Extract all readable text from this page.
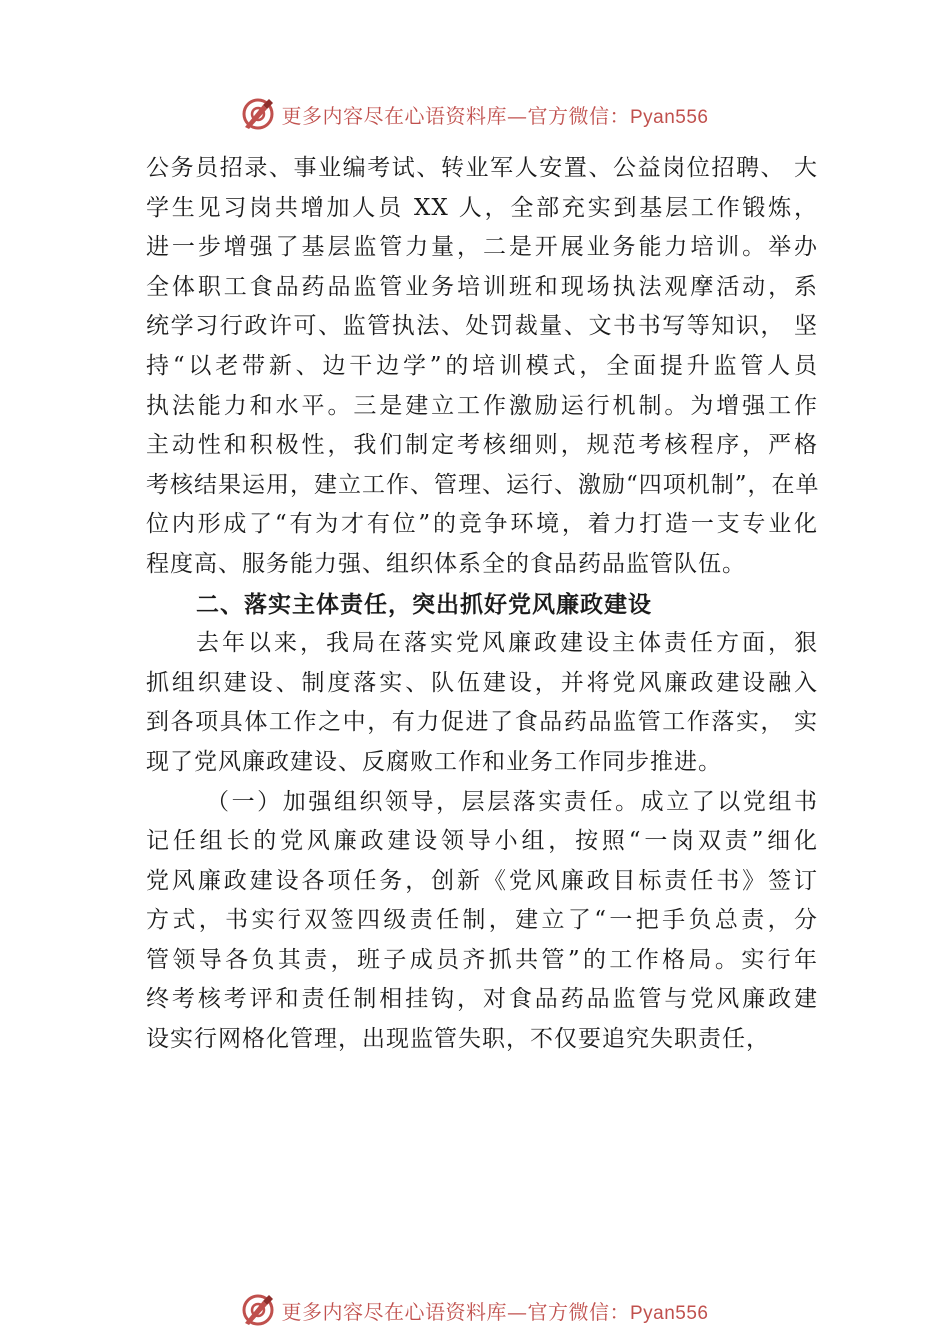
更多内容尽在心语资料库—官方微信：Pyan556
公务员招录、事业编考试、转业军人安置、公益岗位招聘、 大
学生见习岗共增加人员 XX 人，全部充实到基层工作锻炼，
进一步增强了基层监管力量，二是开展业务能力培训。举办
全体职工食品药品监管业务培训班和现场执法观摩活动，系
统学习行政许可、监管执法、处罚裁量、文书书写等知识， 坚
持“以老带新、边干边学”的培训模式，全面提升监管人员
执法能力和水平。三是建立工作激励运行机制。为增强工作
主动性和积极性，我们制定考核细则，规范考核程序，严格
考核结果运用，建立工作、管理、运行、激励“四项机制”，在单
位内形成了“有为才有位”的竞争环境，着力打造一支专业化
程度高、服务能力强、组织体系全的食品药品监管队伍。
二、落实主体责任，突出抓好党风廉政建设
去年以来，我局在落实党风廉政建设主体责任方面，狠
抓组织建设、制度落实、队伍建设，并将党风廉政建设融入
到各项具体工作之中，有力促进了食品药品监管工作落实， 实
现了党风廉政建设、反腐败工作和业务工作同步推进。
（一）加强组织领导，层层落实责任。成立了以党组书
记任组长的党风廉政建设领导小组，按照“一岗双责”细化
党风廉政建设各项任务，创新《党风廉政目标责任书》签订
方式，书实行双签四级责任制，建立了“一把手负总责，分
管领导各负其责，班子成员齐抓共管”的工作格局。实行年
终考核考评和责任制相挂钩，对食品药品监管与党风廉政建
设实行网格化管理，出现监管失职，不仅要追究失职责任，
更多内容尽在心语资料库—官方微信：Pyan556
